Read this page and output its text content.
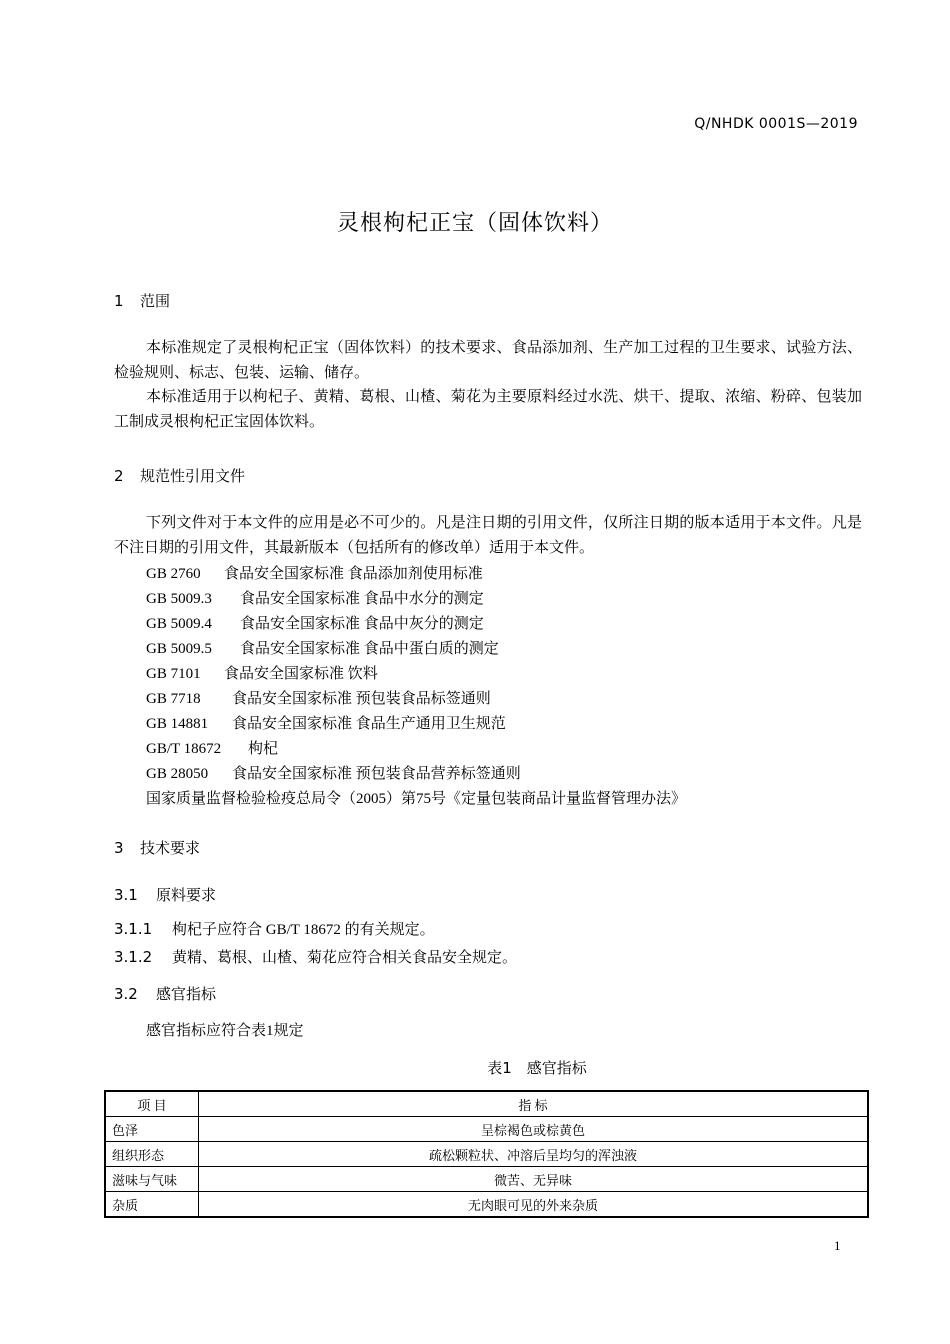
Q/NHDK 0001S—2019
灵根枸杞正宝（固体饮料）
1 范围
本标准规定了灵根枸杞正宝（固体饮料）的技术要求、食品添加剂、生产加工过程的卫生要求、试验方法、检验规则、标志、包装、运输、储存。
本标准适用于以枸杞子、黄精、葛根、山楂、菊花为主要原料经过水洗、烘干、提取、浓缩、粉碎、包装加工制成灵根枸杞正宝固体饮料。
2 规范性引用文件
下列文件对于本文件的应用是必不可少的。凡是注日期的引用文件，仅所注日期的版本适用于本文件。凡是不注日期的引用文件，其最新版本（包括所有的修改单）适用于本文件。
GB 2760 食品安全国家标准 食品添加剂使用标准
GB 5009.3 食品安全国家标准 食品中水分的测定
GB 5009.4 食品安全国家标准 食品中灰分的测定
GB 5009.5 食品安全国家标准 食品中蛋白质的测定
GB 7101 食品安全国家标准 饮料
GB 7718 食品安全国家标准 预包装食品标签通则
GB 14881 食品安全国家标准 食品生产通用卫生规范
GB/T 18672 枸杞
GB 28050 食品安全国家标准 预包装食品营养标签通则
国家质量监督检验检疫总局令（2005）第75号《定量包装商品计量监督管理办法》
3 技术要求
3.1 原料要求
3.1.1 枸杞子应符合 GB/T 18672 的有关规定。
3.1.2 黄精、葛根、山楂、菊花应符合相关食品安全规定。
3.2 感官指标
感官指标应符合表1规定
表1　感官指标
项 目	指 标
色泽	呈棕褐色或棕黄色
组织形态	疏松颗粒状、冲溶后呈均匀的浑浊液
滋味与气味	微苦、无异味
杂质	无肉眼可见的外来杂质
1
